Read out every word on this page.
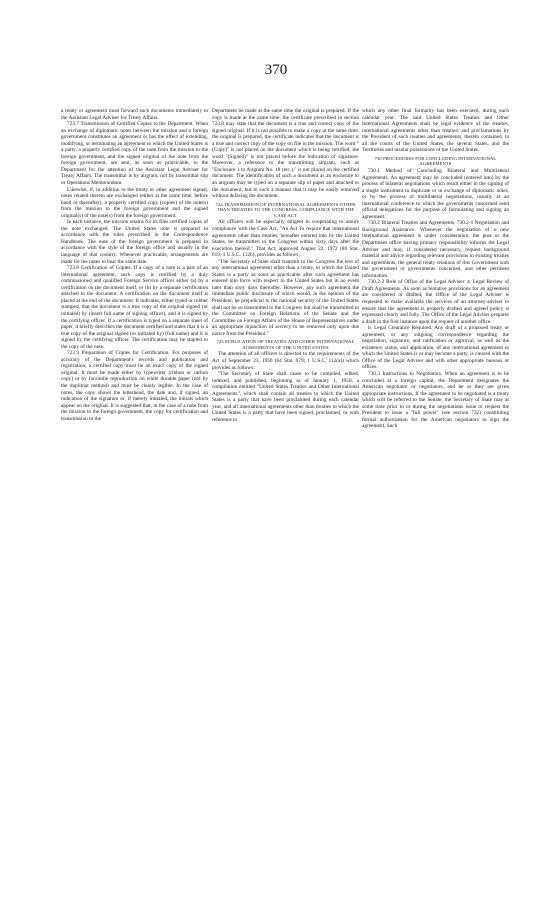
370

a treaty or agreement must forward such documents immediately to the Assistant Legal Adviser for Treaty Affairs.

723.7 Transmission of Certified Copies to the Department. When an exchange of diplomatic notes between the mission and a foreign government constitutes an agreement or has the effect of extending, modifying, or terminating an agreement to which the United States is a party, a properly certified copy of the note from the mission to the foreign government, and the signed original of the note from the foreign government, are sent, as soon as practicable, to the Department for the attention of the Assistant Legal Adviser for Treaty Affairs. The transmittal is by airgram, not by transmittal slip or Operations Memorandum.

Likewise, if, in addition to the treaty or other agreement signed, notes related thereto are exchanged (either at the same time, before hand or thereafter), a properly certified copy (copies) of the note(s) from the mission to the foreign government and the signed original(s) of the note(s) from the foreign government.

In each instance, the mission retains for its files certified copies of the note exchanged. The United States note is prepared in accordance with the rules prescribed in the Correspondence Handbook. The note of the foreign government is prepared in accordance with the style of the foreign office and usually in the language of that country. Whenever practicable, arrangements are made for the notes to bear the same date.

723.8 Certification of Copies. If a copy of a note is a part of an international agreement, such copy is certified by a duly commissioned and qualified Foreign Service officer either (a) by a certification on the document itself, or (b) by a separate certification attached to the document. A certification on the document itself is placed at the end of the document. It indicates, either typed or rubber stamped, that the document is a true copy of the original signed (or initialed) by (insert full name of signing officer), and it is signed by the certifying officer. If a certification is typed on a separate sheet of paper, it briefly describes the document certified and states that it is a true copy of the original signed (or initialed by) (full name) and it is signed by the certifying officer. The certification may be stapled to the copy of the note.

723.9 Preparation of Copies for Certification. For purposes of accuracy of the Department's records and publication and registration, a certified copy must be an exact copy of the signed original. It must be made either by typewriter (ribbon or carbon copy) or by facsimile reproduction on white durable paper (not by the duplimat method) and must be clearly legible. In the case of notes, the copy shows the letterhead, the date and, if signed, an indication of the signature or, if merely initialed, the initials which appear on the original. It is suggested that, in the case of a note from the mission to the foreign government, the copy for certification and transmission to the

Department be made at the same time the original is prepared. If the copy is made at the same time, the certificate prescribed in section 723.8 may state that the document is a true and correct copy of the signed original. If it is not possible to make a copy at the same time, the original is prepared, the certificate indicates that the document is a true and correct copy of the copy on file in the mission. The word "(Copy)" is not placed on the document which is being certified; the word "(Signed)" is not placed before the indication of signature. Moreover, a reference to the transmitting airgram, such as "Enclosure 1 to Airgram No. 18 (etc.)," is not placed on the certified document. The identification of such a document as an enclosure to an airgram may be typed on a separate slip of paper and attached to the document, but in such a manner that it may be easily removed without defacing the document.

724 TRANSMISSION OF INTERNATIONAL AGREEMENTS OTHER THAN TREATIES TO THE CONGRESS; COMPLIANCE WITH THE CASE ACT

All officers will be especially diligent in cooperating to assure compliance with the Case Act, "An Act To require that international agreements other than treaties, hereafter entered into by the United States, be transmitted to the Congress within sixty days after the execution thereof." That Act, approved August 22, 1972 (86 Stat. 619; 1 U.S.C. 112b), provides as follows:

"The Secretary of State shall transmit to the Congress the text of any international agreement other than a treaty, to which the United States is a party as soon as practicable after such agreement has entered into force with respect to the United States but in no event later than sixty days thereafter. However, any such agreement the immediate public disclosure of which would, in the opinion of the President, be prejudicial to the national security of the United States shall not be so transmitted to the Congress but shall be transmitted to the Committee on Foreign Relations of the Senate and the Committee on Foreign Affairs of the House of Representatives under an appropriate injunction of secrecy to be removed only upon due notice from the President."

725 PUBLICATION OF TREATIES AND OTHER INTERNATIONAL AGREEMENTS OF THE UNITED STATES

The attention of all officers is directed to the requirements of the Act of September 23, 1950 (64 Stat. 979; 1 U.S.C. 112(a)) which provides as follows:

"The Secretary of State shall cause to be compiled, edited, indexed, and published, beginning as of January 1, 1950, a compilation entitled "United States Treaties and Other International Agreements", which shall contain all treaties to which the United States is a party that have been proclaimed during each calendar year, and all international agreements other than treaties to which the United States is a party that have been signed, proclaimed, or with reference to

which any other final formality has been executed, during each calendar year. The said United States Treaties and Other International Agreements shall be legal evidence of the treaties, international agreements other than treaties, and proclamations by the President of such treaties and agreements, therein contained, in all the courts of the United States, the several States, and the Territories and insular possessions of the United States.

730 PROCEDURES FOR CONCLUDING INTERNATIONAL AGREEMENTS

730.1 Method of Concluding Bilateral and Multilateral Agreements. An agreement may be concluded (entered into) by the process of bilateral negotiations which result either in the signing of a single instrument in duplicate or in exchange of diplomatic notes, or by the process of multilateral negotiations, usually at an international conference to which the governments concerned send official delegations for the purpose of formulating and signing an agreement.

730.2 Bilateral Treaties and Agreements. 730.2-1 Negotiation and Background Assistance. Whenever the negotiation of a new international agreement is under consideration, the post or the Department office having primary responsibility informs the Legal Adviser and may, if considered necessary, request background material and advice regarding relevant provisions in existing treaties and agreements, the general treaty relations of this Government with the government or governments concerned, and other pertinent information.

730.2-2 Role of Office of the Legal Adviser. a. Legal Review of Draft Agreements. As soon as tentative provisions for an agreement are considered or drafted, the Office of the Legal Adviser is requested to make available the services of an attorney-adviser to ensure that the agreement is properly drafted and agreed policy is expressed clearly and fully. The Office of the Legal Adviser prepares a draft in the first instance upon the request of another office.

b. Legal Clearance Required. Any draft of a proposed treaty or agreement, or any outgoing correspondence regarding the negotiation, signature, and ratification or approval, as well as the existence, status, and application, of any international agreement to which the United States is or may become a party, is cleared with the Office of the Legal Adviser and with other appropriate bureaus or offices.

730.3 Instructions to Negotiators. When an agreement is to be concluded at a foreign capital, the Department designates the American negotiator or negotiators, and he or they are given appropriate instructions. If the agreement to be negotiated is a treaty which will be referred to the Senate, the Secretary of State may at some time prior to or during the negotiations issue or request the President to issue a "full power" (see section 732) constituting formal authorization for the American negotiators to sign the agreement. Such
